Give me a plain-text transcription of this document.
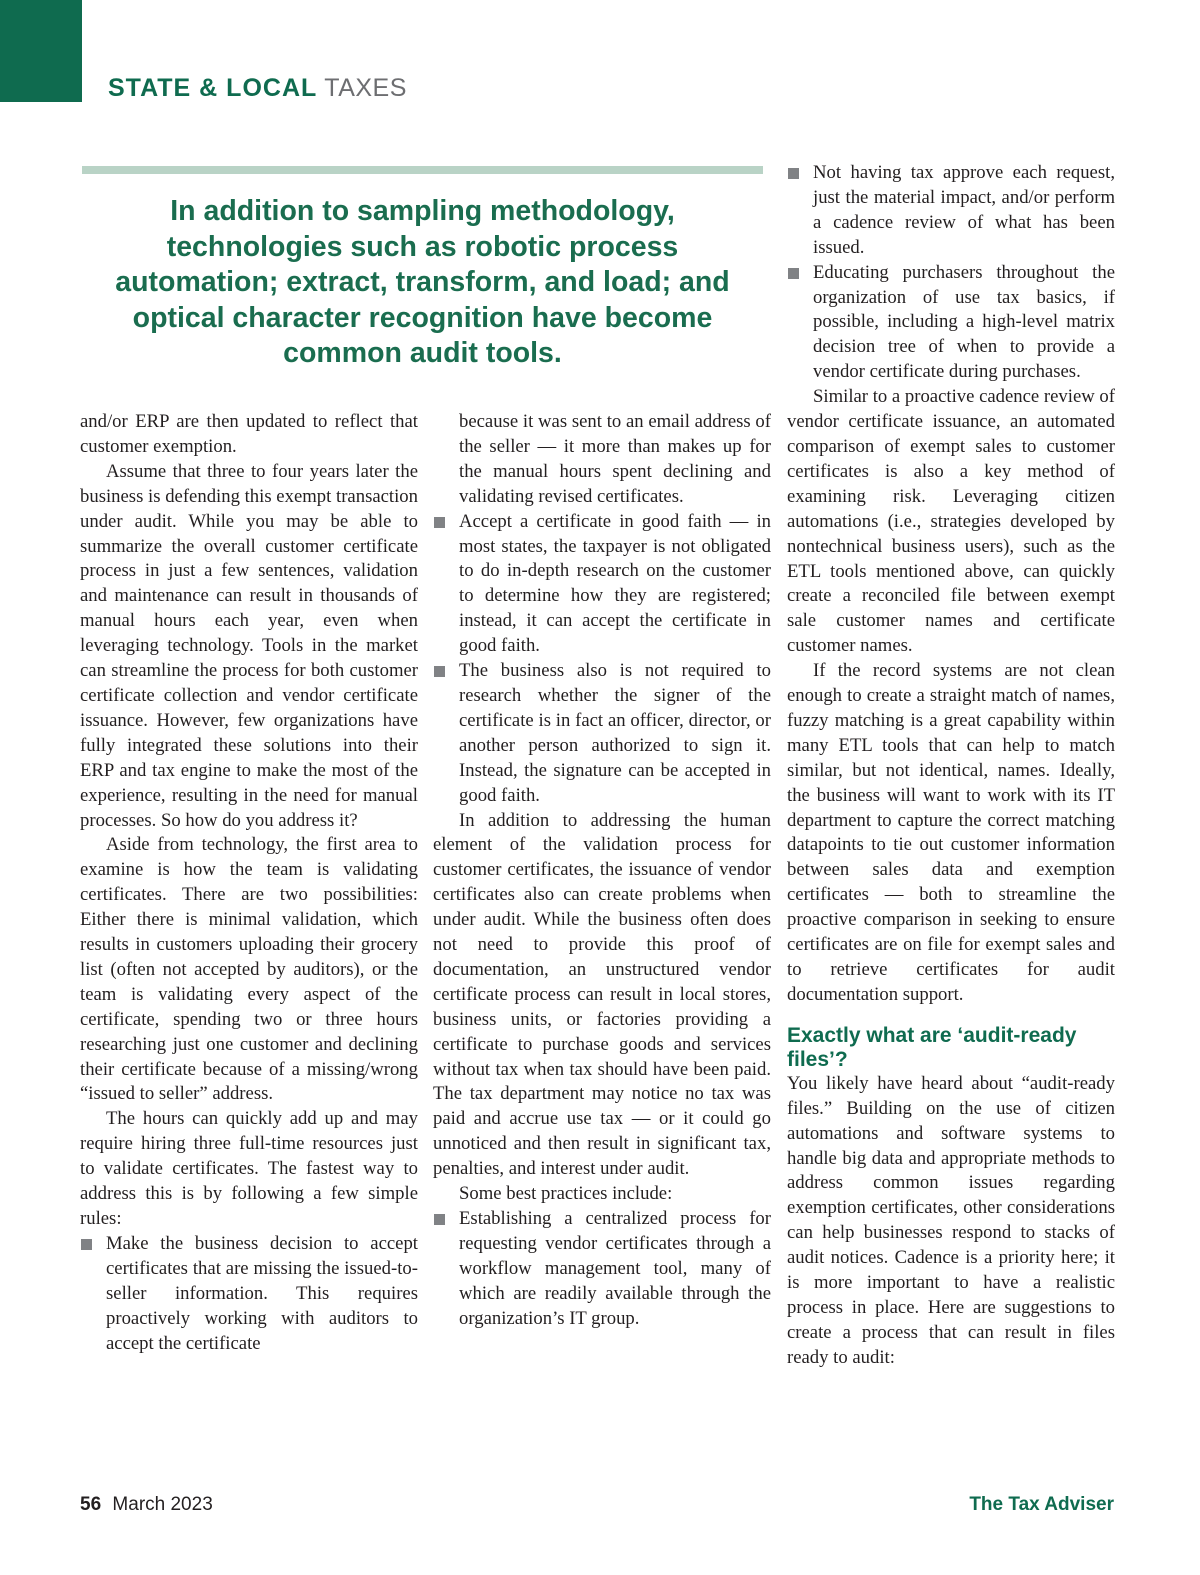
STATE & LOCAL TAXES

In addition to sampling methodology, technologies such as robotic process automation; extract, transform, and load; and optical character recognition have become common audit tools.

and/or ERP are then updated to reflect that customer exemption.

Assume that three to four years later the business is defending this exempt transaction under audit. While you may be able to summarize the overall customer certificate process in just a few sentences, validation and maintenance can result in thousands of manual hours each year, even when leveraging technology. Tools in the market can streamline the process for both customer certificate collection and vendor certificate issuance. However, few organizations have fully integrated these solutions into their ERP and tax engine to make the most of the experience, resulting in the need for manual processes. So how do you address it?

Aside from technology, the first area to examine is how the team is validating certificates. There are two possibilities: Either there is minimal validation, which results in customers uploading their grocery list (often not accepted by auditors), or the team is validating every aspect of the certificate, spending two or three hours researching just one customer and declining their certificate because of a missing/wrong “issued to seller” address.

The hours can quickly add up and may require hiring three full-time resources just to validate certificates. The fastest way to address this is by following a few simple rules:

Make the business decision to accept certificates that are missing the issued-to-seller information. This requires proactively working with auditors to accept the certificate

because it was sent to an email address of the seller — it more than makes up for the manual hours spent declining and validating revised certificates.

Accept a certificate in good faith — in most states, the taxpayer is not obligated to do in-depth research on the customer to determine how they are registered; instead, it can accept the certificate in good faith.

The business also is not required to research whether the signer of the certificate is in fact an officer, director, or another person authorized to sign it. Instead, the signature can be accepted in good faith.

In addition to addressing the human element of the validation process for customer certificates, the issuance of vendor certificates also can create problems when under audit. While the business often does not need to provide this proof of documentation, an unstructured vendor certificate process can result in local stores, business units, or factories providing a certificate to purchase goods and services without tax when tax should have been paid. The tax department may notice no tax was paid and accrue use tax — or it could go unnoticed and then result in significant tax, penalties, and interest under audit.

Some best practices include:

Establishing a centralized process for requesting vendor certificates through a workflow management tool, many of which are readily available through the organization’s IT group.

Not having tax approve each request, just the material impact, and/or perform a cadence review of what has been issued.

Educating purchasers throughout the organization of use tax basics, if possible, including a high-level matrix decision tree of when to provide a vendor certificate during purchases.

Similar to a proactive cadence review of vendor certificate issuance, an automated comparison of exempt sales to customer certificates is also a key method of examining risk. Leveraging citizen automations (i.e., strategies developed by nontechnical business users), such as the ETL tools mentioned above, can quickly create a reconciled file between exempt sale customer names and certificate customer names.

If the record systems are not clean enough to create a straight match of names, fuzzy matching is a great capability within many ETL tools that can help to match similar, but not identical, names. Ideally, the business will want to work with its IT department to capture the correct matching datapoints to tie out customer information between sales data and exemption certificates — both to streamline the proactive comparison in seeking to ensure certificates are on file for exempt sales and to retrieve certificates for audit documentation support.

Exactly what are ‘audit-ready files’?

You likely have heard about “audit-ready files.” Building on the use of citizen automations and software systems to handle big data and appropriate methods to address common issues regarding exemption certificates, other considerations can help businesses respond to stacks of audit notices. Cadence is a priority here; it is more important to have a realistic process in place. Here are suggestions to create a process that can result in files ready to audit:

56 March 2023	The Tax Adviser
